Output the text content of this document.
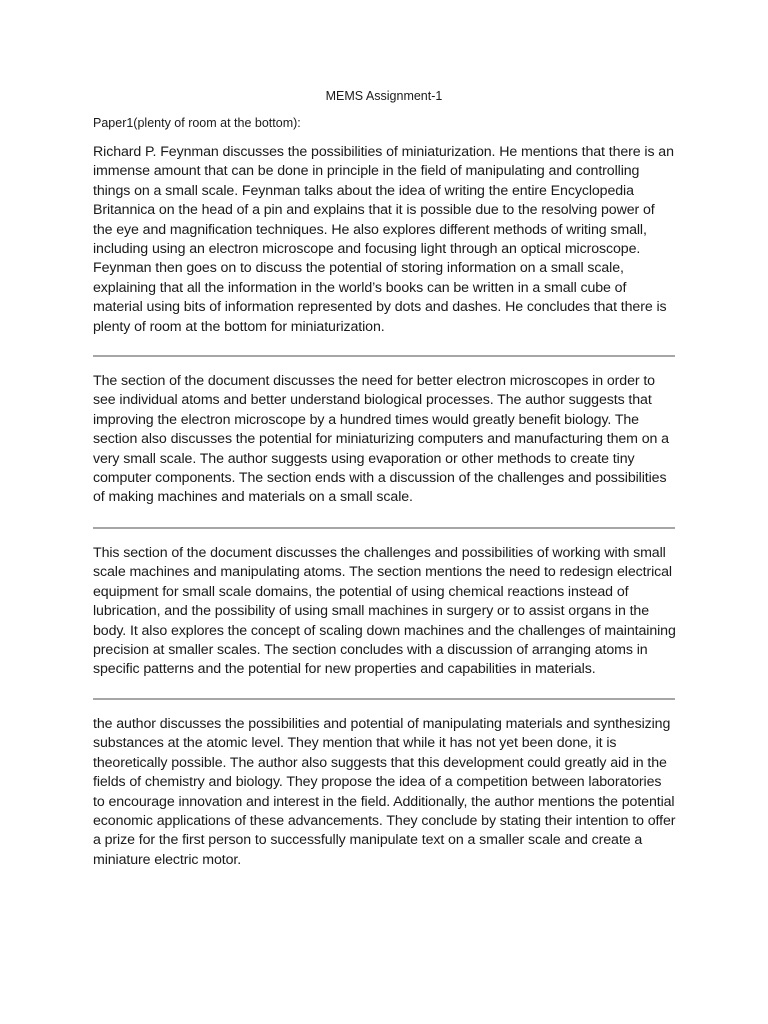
MEMS Assignment-1
Paper1(plenty of room at the bottom):

Richard P. Feynman discusses the possibilities of miniaturization. He mentions that there is an immense amount that can be done in principle in the field of manipulating and controlling things on a small scale. Feynman talks about the idea of writing the entire Encyclopedia Britannica on the head of a pin and explains that it is possible due to the resolving power of the eye and magnification techniques. He also explores different methods of writing small, including using an electron microscope and focusing light through an optical microscope. Feynman then goes on to discuss the potential of storing information on a small scale, explaining that all the information in the world’s books can be written in a small cube of material using bits of information represented by dots and dashes. He concludes that there is plenty of room at the bottom for miniaturization.

The section of the document discusses the need for better electron microscopes in order to see individual atoms and better understand biological processes. The author suggests that improving the electron microscope by a hundred times would greatly benefit biology. The section also discusses the potential for miniaturizing computers and manufacturing them on a very small scale. The author suggests using evaporation or other methods to create tiny computer components. The section ends with a discussion of the challenges and possibilities of making machines and materials on a small scale.

This section of the document discusses the challenges and possibilities of working with small scale machines and manipulating atoms. The section mentions the need to redesign electrical equipment for small scale domains, the potential of using chemical reactions instead of lubrication, and the possibility of using small machines in surgery or to assist organs in the body. It also explores the concept of scaling down machines and the challenges of maintaining precision at smaller scales. The section concludes with a discussion of arranging atoms in specific patterns and the potential for new properties and capabilities in materials.

the author discusses the possibilities and potential of manipulating materials and synthesizing substances at the atomic level. They mention that while it has not yet been done, it is theoretically possible. The author also suggests that this development could greatly aid in the fields of chemistry and biology. They propose the idea of a competition between laboratories to encourage innovation and interest in the field. Additionally, the author mentions the potential economic applications of these advancements. They conclude by stating their intention to offer a prize for the first person to successfully manipulate text on a smaller scale and create a miniature electric motor.
